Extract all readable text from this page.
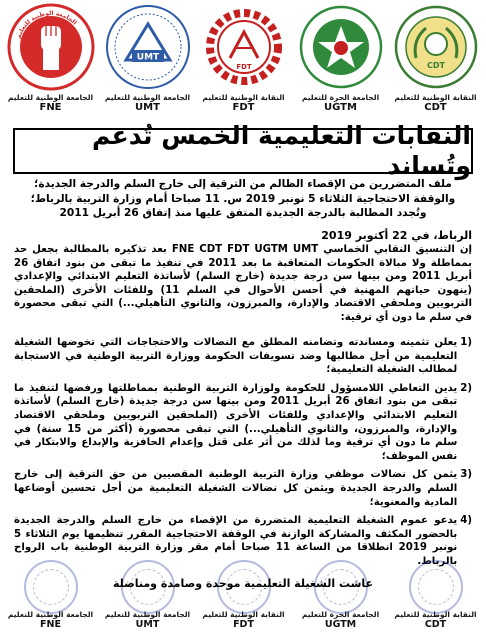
الجامعة الوطنية للتعليم
الجامعة الوطنية للتعليم
FNE
UMT
الجامعة الوطنية للتعليم
UMT
FDT
النقابة الوطنية للتعليم
FDT
الجامعة الحرة للتعليم
UGTM
CDT
النقابة الوطنية للتعليم
CDT
النقابات التعليمية الخمس تُدعم وتُساند
ملف المتضررين من الإقصاء الظالم من الترقية إلى خارج السلم والدرجة الجديدة؛
والوقفة الاحتجاجية الثلاثاء 5 نونبر 2019 س. 11 صباحا أمام وزارة التربية بالرباط؛
وتُجدد المطالبة بالدرجة الجديدة المتفق عليها منذ إتفاق 26 أبريل 2011
الرباط، في 22 أكتوبر 2019
إن التنسيق النقابي الخماسي FNE CDT FDT UGTM UMT بعد تذكيره بالمطالبة بجعل حد بمماطلة ولا مبالاة الحكومات المتعاقبة ما بعد 2011 في تنفيذ ما تبقى من بنود اتفاق 26 أبريل 2011 ومن بينها سن درجة جديدة (خارج السلم) لأساتذة التعليم الابتدائي والإعدادي (ينهون حياتهم المهنية في أحسن الأحوال في السلم 11) وللفئات الأخرى (الملحقين التربويين وملحقي الاقتصاد والإدارة، والمبرزون، والثانوي التأهيلي...) التي تبقى محصورة في سلم ما دون أي ترقية:
1)
يعلن تثمينه ومساندته وتضامنه المطلق مع النضالات والاحتجاجات التي تخوضها الشغيلة التعليمية من أجل مطالبها وضد تسويفات الحكومة ووزارة التربية الوطنية في الاستجابة لمطالب الشغيلة التعليمية؛
2)
يدين التعاطي اللامسؤول للحكومة ولوزارة التربية الوطنية بمماطلتها ورفضها لتنفيذ ما تبقى من بنود اتفاق 26 أبريل 2011 ومن بينها سن درجة جديدة (خارج السلم) لأساتذة التعليم الابتدائي والإعدادي وللفئات الأخرى (الملحقين التربويين وملحقي الاقتصاد والإدارة، والمبرزون، والثانوي التأهيلي...) التي تبقى محصورة (أكثر من 15 سنة) في سلم ما دون أي ترقية وما لذلك من أثر على قتل وإعدام الحافزية والإبداع والابتكار في نفس الموظف؛
3)
يثمن كل نضالات موظفي وزارة التربية الوطنية المقصيين من حق الترقية إلى خارج السلم والدرجة الجديدة ويثمن كل نضالات الشغيلة التعليمية من أجل تحسين أوضاعها المادية والمعنوية؛
4)
يدعو عموم الشغيلة التعليمية المتضررة من الإقصاء من خارج السلم والدرجة الجديدة بالحضور المكثف والمشاركة الوازنة في الوقفة الاحتجاجية المقرر تنظيمها يوم الثلاثاء 5 نونبر 2019 انطلاقا من الساعة 11 صباحا أمام مقر وزارة التربية الوطنية باب الرواح بالرباط.
الجامعة الوطنية للتعليم
FNE
الجامعة الوطنية للتعليم
UMT
النقابة الوطنية للتعليم
FDT
الجامعة الحرة للتعليم
UGTM
النقابة الوطنية للتعليم
CDT
عاشت الشغيلة التعليمية موحدة وصامدة ومناضلة
